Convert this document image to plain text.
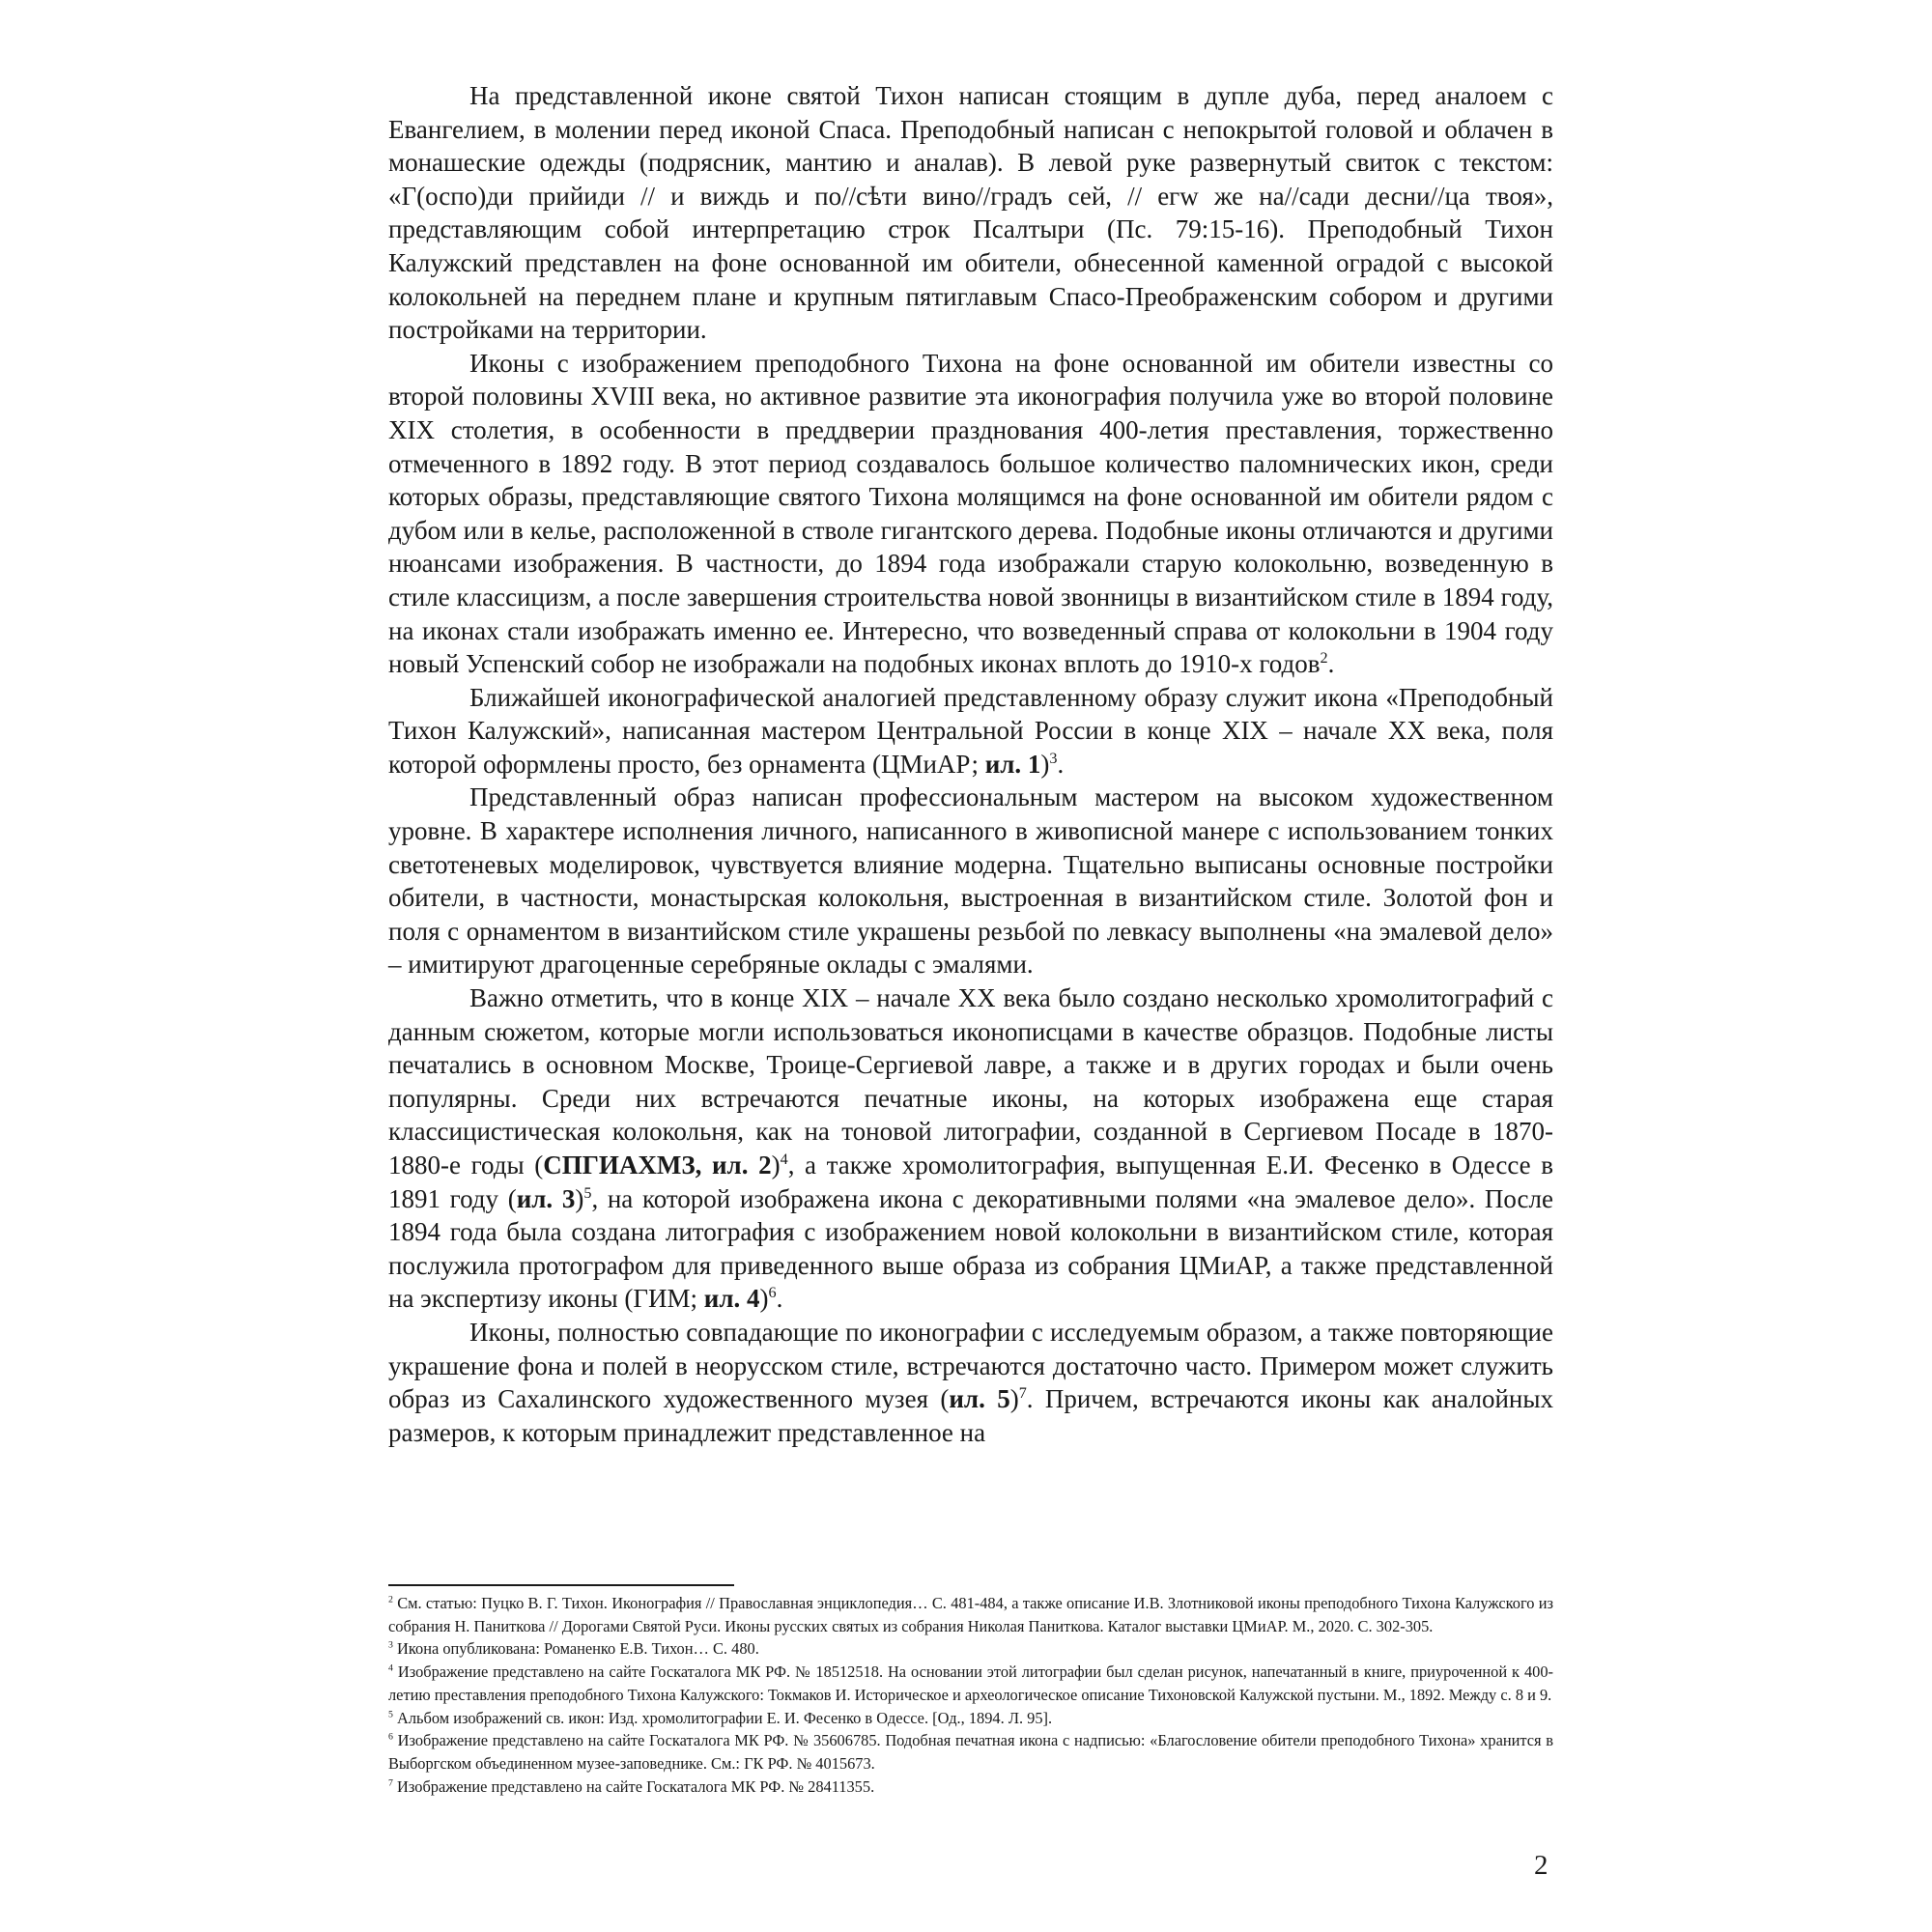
На представленной иконе святой Тихон написан стоящим в дупле дуба, перед аналоем с Евангелием, в молении перед иконой Спаса. Преподобный написан с непокрытой головой и облачен в монашеские одежды (подрясник, мантию и аналав). В левой руке развернутый свиток с текстом: «Г(оспо)ди прийиди // и виждь и по//сѣти вино//градъ сей, // егw же на//сади десни//ца твоя», представляющим собой интерпретацию строк Псалтыри (Пс. 79:15-16). Преподобный Тихон Калужский представлен на фоне основанной им обители, обнесенной каменной оградой с высокой колокольней на переднем плане и крупным пятиглавым Спасо-Преображенским собором и другими постройками на территории.

Иконы с изображением преподобного Тихона на фоне основанной им обители известны со второй половины XVIII века, но активное развитие эта иконография получила уже во второй половине XIX столетия, в особенности в преддверии празднования 400-летия преставления, торжественно отмеченного в 1892 году. В этот период создавалось большое количество паломнических икон, среди которых образы, представляющие святого Тихона молящимся на фоне основанной им обители рядом с дубом или в келье, расположенной в стволе гигантского дерева. Подобные иконы отличаются и другими нюансами изображения. В частности, до 1894 года изображали старую колокольню, возведенную в стиле классицизм, а после завершения строительства новой звонницы в византийском стиле в 1894 году, на иконах стали изображать именно ее. Интересно, что возведенный справа от колокольни в 1904 году новый Успенский собор не изображали на подобных иконах вплоть до 1910-х годов$^2$.

Ближайшей иконографической аналогией представленному образу служит икона «Преподобный Тихон Калужский», написанная мастером Центральной России в конце XIX – начале XX века, поля которой оформлены просто, без орнамента (ЦМиАР; ил. 1)$^3$.

Представленный образ написан профессиональным мастером на высоком художественном уровне. В характере исполнения личного, написанного в живописной манере с использованием тонких светотеневых моделировок, чувствуется влияние модерна. Тщательно выписаны основные постройки обители, в частности, монастырская колокольня, выстроенная в византийском стиле. Золотой фон и поля с орнаментом в византийском стиле украшены резьбой по левкасу выполнены «на эмалевой дело» – имитируют драгоценные серебряные оклады с эмалями.

Важно отметить, что в конце XIX – начале XX века было создано несколько хромолитографий с данным сюжетом, которые могли использоваться иконописцами в качестве образцов. Подобные листы печатались в основном Москве, Троице-Сергиевой лавре, а также и в других городах и были очень популярны. Среди них встречаются печатные иконы, на которых изображена еще старая классицистическая колокольня, как на тоновой литографии, созданной в Сергиевом Посаде в 1870-1880-е годы (СПГИАХМЗ, ил. 2)$^4$, а также хромолитография, выпущенная Е.И. Фесенко в Одессе в 1891 году (ил. 3)$^5$, на которой изображена икона с декоративными полями «на эмалевое дело». После 1894 года была создана литография с изображением новой колокольни в византийском стиле, которая послужила протографом для приведенного выше образа из собрания ЦМиАР, а также представленной на экспертизу иконы (ГИМ; ил. 4)$^6$.

Иконы, полностью совпадающие по иконографии с исследуемым образом, а также повторяющие украшение фона и полей в неорусском стиле, встречаются достаточно часто. Примером может служить образ из Сахалинского художественного музея (ил. 5)$^7$. Причем, встречаются иконы как аналойных размеров, к которым принадлежит представленное на

$^2$ См. статью: Пуцко В. Г. Тихон. Иконография // Православная энциклопедия… С. 481-484, а также описание И.В. Злотниковой иконы преподобного Тихона Калужского из собрания Н. Паниткова // Дорогами Святой Руси. Иконы русских святых из собрания Николая Паниткова. Каталог выставки ЦМиАР. М., 2020. С. 302-305.

$^3$ Икона опубликована: Романенко Е.В. Тихон… С. 480.

$^4$ Изображение представлено на сайте Госкаталога МК РФ. № 18512518. На основании этой литографии был сделан рисунок, напечатанный в книге, приуроченной к 400-летию преставления преподобного Тихона Калужского: Токмаков И. Историческое и археологическое описание Тихоновской Калужской пустыни. М., 1892. Между с. 8 и 9.

$^5$ Альбом изображений св. икон: Изд. хромолитографии Е. И. Фесенко в Одессе. [Од., 1894. Л. 95].

$^6$ Изображение представлено на сайте Госкаталога МК РФ. № 35606785. Подобная печатная икона с надписью: «Благословение обители преподобного Тихона» хранится в Выборгском объединенном музее-заповеднике. См.: ГК РФ. № 4015673.

$^7$ Изображение представлено на сайте Госкаталога МК РФ. № 28411355.

2
